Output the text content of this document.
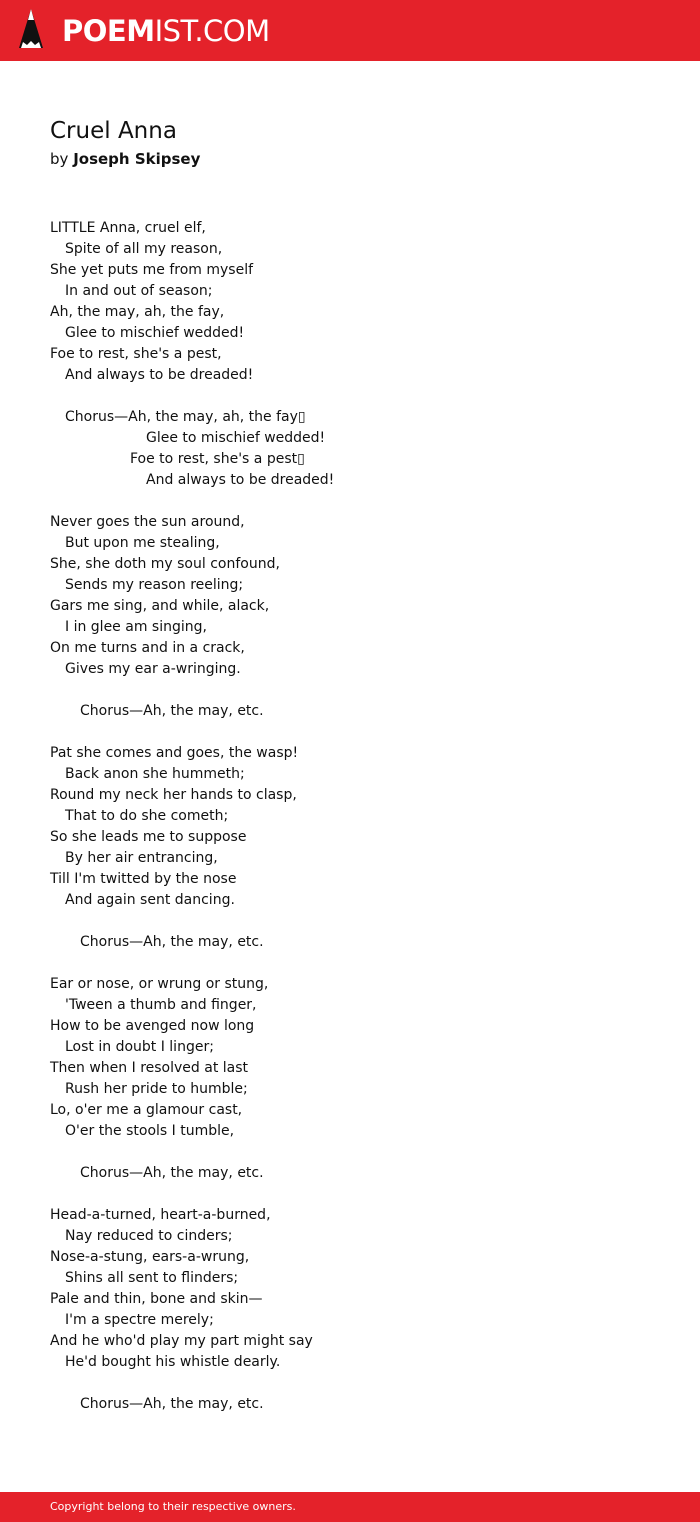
POEMIST.COM
Cruel Anna
by Joseph Skipsey
LITTLE Anna, cruel elf,
Spite of all my reason,
She yet puts me from myself
In and out of season;
Ah, the may, ah, the fay,
Glee to mischief wedded!
Foe to rest, she's a pest,
And always to be dreaded!
Chorus—Ah, the may, ah, the fay▯
Glee to mischief wedded!
Foe to rest, she's a pest▯
And always to be dreaded!
Never goes the sun around,
But upon me stealing,
She, she doth my soul confound,
Sends my reason reeling;
Gars me sing, and while, alack,
I in glee am singing,
On me turns and in a crack,
Gives my ear a-wringing.
Chorus—Ah, the may, etc.
Pat she comes and goes, the wasp!
Back anon she hummeth;
Round my neck her hands to clasp,
That to do she cometh;
So she leads me to suppose
By her air entrancing,
Till I'm twitted by the nose
And again sent dancing.
Chorus—Ah, the may, etc.
Ear or nose, or wrung or stung,
'Tween a thumb and finger,
How to be avenged now long
Lost in doubt I linger;
Then when I resolved at last
Rush her pride to humble;
Lo, o'er me a glamour cast,
O'er the stools I tumble,
Chorus—Ah, the may, etc.
Head-a-turned, heart-a-burned,
Nay reduced to cinders;
Nose-a-stung, ears-a-wrung,
Shins all sent to flinders;
Pale and thin, bone and skin—
I'm a spectre merely;
And he who'd play my part might say
He'd bought his whistle dearly.
Chorus—Ah, the may, etc.
Copyright belong to their respective owners.
